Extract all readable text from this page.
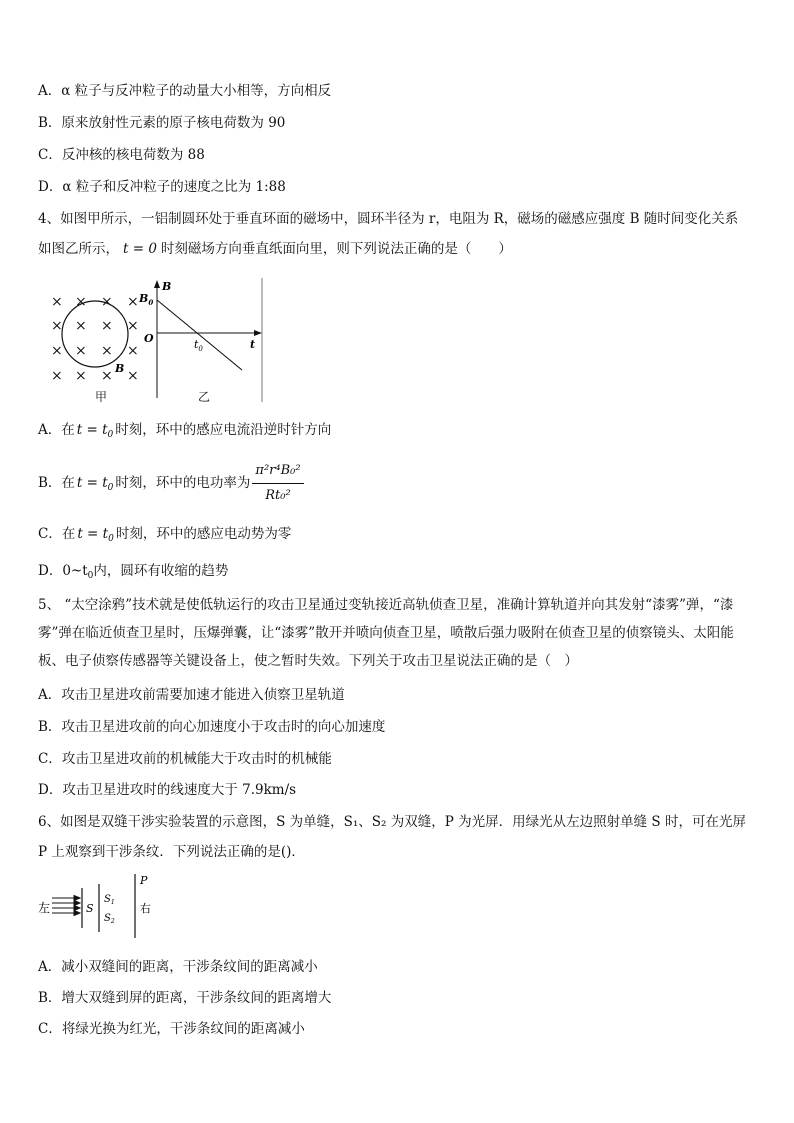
A．α 粒子与反冲粒子的动量大小相等，方向相反
B．原来放射性元素的原子核电荷数为 90
C．反冲核的核电荷数为 88
D．α 粒子和反冲粒子的速度之比为 1:88
4、如图甲所示，一铝制圆环处于垂直环面的磁场中，圆环半径为 r，电阻为 R，磁场的磁感应强度 B 随时间变化关系
如图乙所示， t = 0 时刻磁场方向垂直纸面向里，则下列说法正确的是（　　）
× × × ×
× × × ×
× × × ×
× × × ×
B
甲
B
$B_0$
O	$t_0$	t
乙
A．在 $t = t_0$ 时刻，环中的感应电流沿逆时针方向
B．在 $t = t_0$ 时刻，环中的电功率为 $\frac{\text{π²r⁴B₀²}}{\text{Rt₀²}}$
C．在 $t = t_0$ 时刻，环中的感应电动势为零
D．$0\sim t_0$内，圆环有收缩的趋势
5、 “太空涂鸦”技术就是使低轨运行的攻击卫星通过变轨接近高轨侦查卫星，准确计算轨道并向其发射“漆雾”弹，“漆雾”弹在临近侦查卫星时，压爆弹囊，让“漆雾”散开并喷向侦查卫星，喷散后强力吸附在侦查卫星的侦察镜头、太阳能板、电子侦察传感器等关键设备上，使之暂时失效。下列关于攻击卫星说法正确的是（　）
A．攻击卫星进攻前需要加速才能进入侦察卫星轨道
B．攻击卫星进攻前的向心加速度小于攻击时的向心加速度
C．攻击卫星进攻前的机械能大于攻击时的机械能
D．攻击卫星进攻时的线速度大于 7.9km/s
6、如图是双缝干涉实验装置的示意图，S 为单缝，S₁、S₂ 为双缝，P 为光屏．用绿光从左边照射单缝 S 时，可在光屏
P 上观察到干涉条纹．下列说法正确的是()．
左	S
$S_1$
$S_2$
P
右
A．减小双缝间的距离，干涉条纹间的距离减小
B．增大双缝到屏的距离，干涉条纹间的距离增大
C．将绿光换为红光，干涉条纹间的距离减小
